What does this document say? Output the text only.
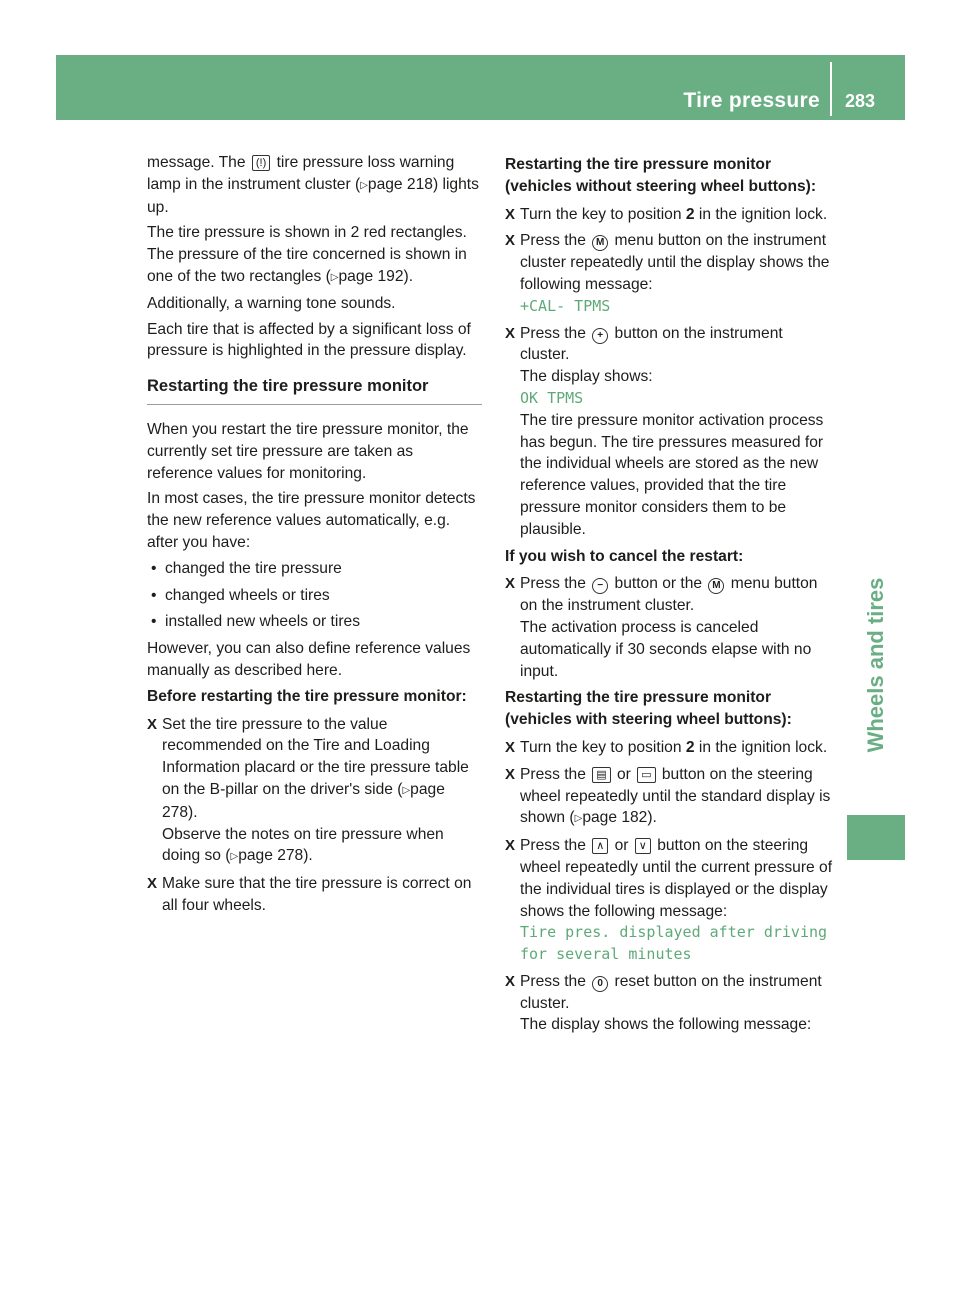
Tire pressure 283
Wheels and tires

message. The (!) tire pressure loss warning lamp in the instrument cluster (▷page 218) lights up.

The tire pressure is shown in 2 red rectangles. The pressure of the tire concerned is shown in one of the two rectangles (▷page 192).

Additionally, a warning tone sounds.

Each tire that is affected by a significant loss of pressure is highlighted in the pressure display.

Restarting the tire pressure monitor

When you restart the tire pressure monitor, the currently set tire pressure are taken as reference values for monitoring.

In most cases, the tire pressure monitor detects the new reference values automatically, e.g. after you have:

• changed the tire pressure
• changed wheels or tires
• installed new wheels or tires

However, you can also define reference values manually as described here.

Before restarting the tire pressure monitor:
X Set the tire pressure to the value recommended on the Tire and Loading Information placard or the tire pressure table on the B-pillar on the driver's side (▷page 278).
Observe the notes on tire pressure when doing so (▷page 278).
X Make sure that the tire pressure is correct on all four wheels.
Restarting the tire pressure monitor (vehicles without steering wheel buttons):
X Turn the key to position 2 in the ignition lock.
X Press the M menu button on the instrument cluster repeatedly until the display shows the following message:
+CAL- TPMS
X Press the + button on the instrument cluster.
The display shows:
OK TPMS
The tire pressure monitor activation process has begun. The tire pressures measured for the individual wheels are stored as the new reference values, provided that the tire pressure monitor considers them to be plausible.
If you wish to cancel the restart:
X Press the − button or the M menu button on the instrument cluster.
The activation process is canceled automatically if 30 seconds elapse with no input.
Restarting the tire pressure monitor (vehicles with steering wheel buttons):
X Turn the key to position 2 in the ignition lock.
X Press the ▤ or ▭ button on the steering wheel repeatedly until the standard display is shown (▷page 182).
X Press the ∧ or ∨ button on the steering wheel repeatedly until the current pressure of the individual tires is displayed or the display shows the following message:
Tire pres. displayed after driving for several minutes
X Press the 0 reset button on the instrument cluster.
The display shows the following message:
